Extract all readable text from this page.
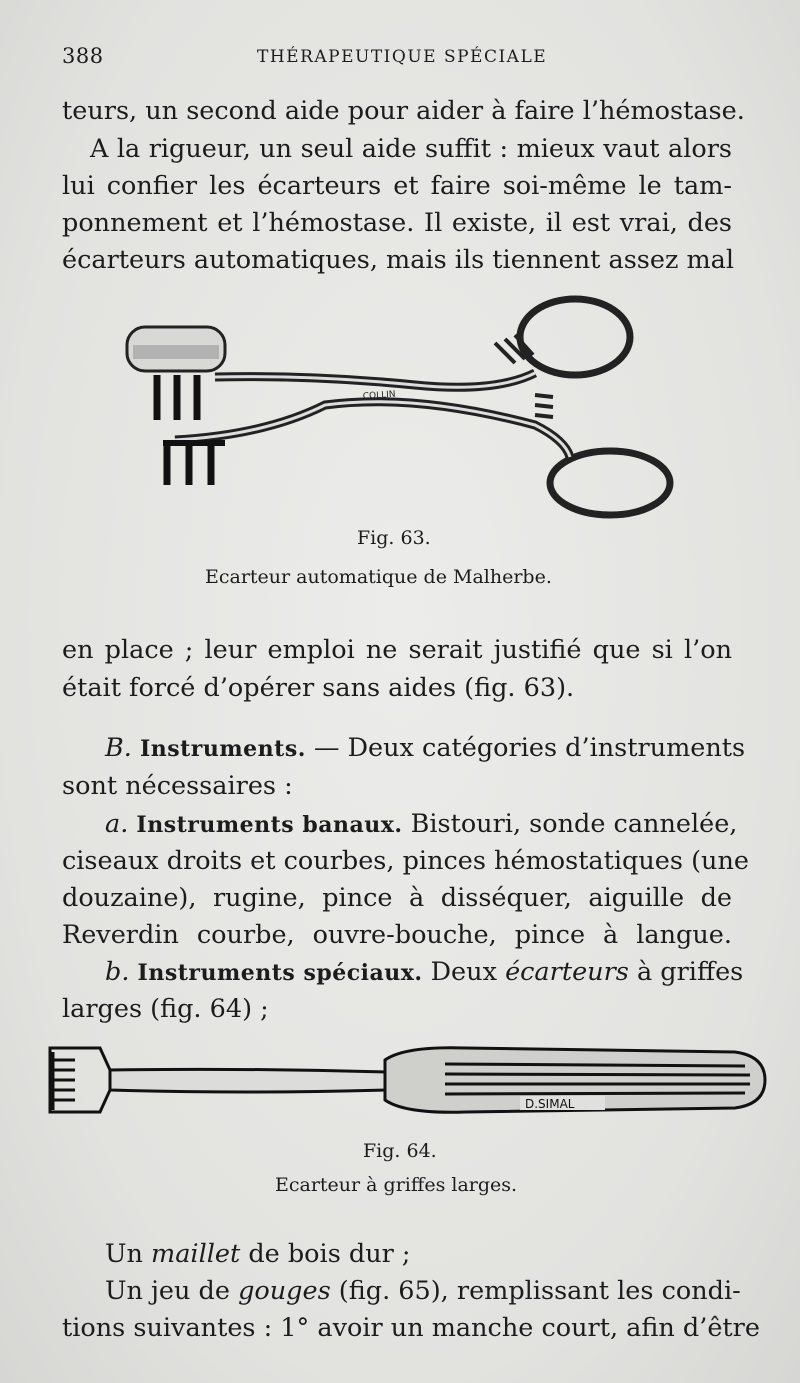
388	THÉRAPEUTIQUE SPÉCIALE
teurs, un second aide pour aider à faire l’hémostase.
A la rigueur, un seul aide suffit : mieux vaut alors
lui confier les écarteurs et faire soi-même le tam-
ponnement et l’hémostase. Il existe, il est vrai, des
écarteurs automatiques, mais ils tiennent assez mal
COLLIN
Fig. 63.
Ecarteur automatique de Malherbe.
en place ; leur emploi ne serait justifié que si l’on
était forcé d’opérer sans aides (fig. 63).
B. Instruments. — Deux catégories d’instruments
sont nécessaires :
a. Instruments banaux. Bistouri, sonde cannelée,
ciseaux droits et courbes, pinces hémostatiques (une
douzaine), rugine, pince à disséquer, aiguille de
Reverdin courbe, ouvre-bouche, pince à langue.
b. Instruments spéciaux. Deux écarteurs à griffes
larges (fig. 64) ;
D.SIMAL
Fig. 64.
Ecarteur à griffes larges.
Un maillet de bois dur ;
Un jeu de gouges (fig. 65), remplissant les condi-
tions suivantes : 1° avoir un manche court, afin d’être
